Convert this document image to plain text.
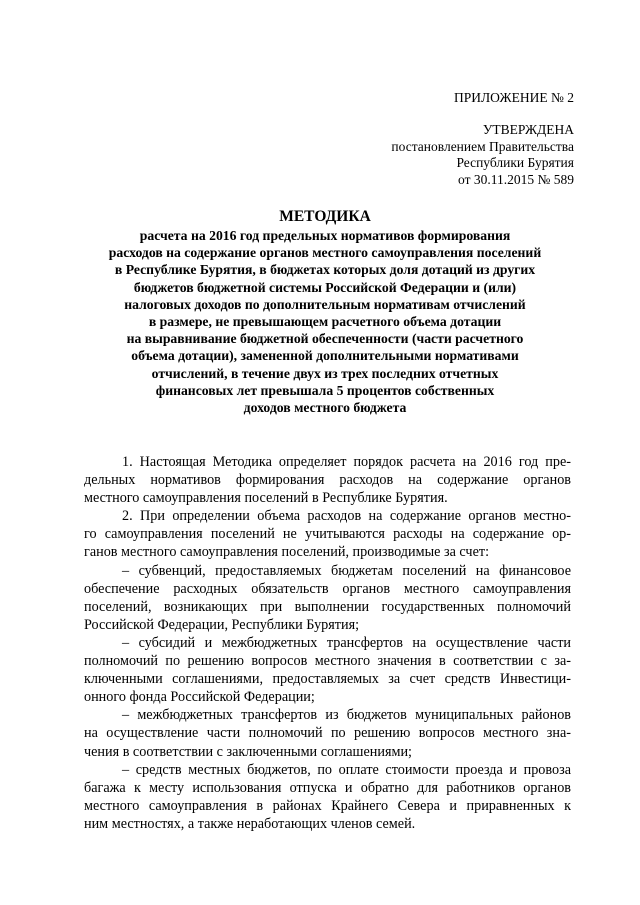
ПРИЛОЖЕНИЕ № 2
УТВЕРЖДЕНА
постановлением Правительства
Республики Бурятия
от 30.11.2015 № 589
МЕТОДИКА
расчета на 2016 год предельных нормативов формирования
расходов на содержание органов местного самоуправления поселений
в Республике Бурятия, в бюджетах которых доля дотаций из других
бюджетов бюджетной системы Российской Федерации и (или)
налоговых доходов по дополнительным нормативам отчислений
в размере, не превышающем расчетного объема дотации
на выравнивание бюджетной обеспеченности (части расчетного
объема дотации), замененной дополнительными нормативами
отчислений, в течение двух из трех последних отчетных
финансовых лет превышала 5 процентов собственных
доходов местного бюджета
1. Настоящая Методика определяет порядок расчета на 2016 год пре-
дельных нормативов формирования расходов на содержание органов
местного самоуправления поселений в Республике Бурятия.
2. При определении объема расходов на содержание органов местно-
го самоуправления поселений не учитываются расходы на содержание ор-
ганов местного самоуправления поселений, производимые за счет:
– субвенций, предоставляемых бюджетам поселений на финансовое
обеспечение расходных обязательств органов местного самоуправления
поселений, возникающих при выполнении государственных полномочий
Российской Федерации, Республики Бурятия;
– субсидий и межбюджетных трансфертов на осуществление части
полномочий по решению вопросов местного значения в соответствии с за-
ключенными соглашениями, предоставляемых за счет средств Инвестици-
онного фонда Российской Федерации;
– межбюджетных трансфертов из бюджетов муниципальных районов
на осуществление части полномочий по решению вопросов местного зна-
чения в соответствии с заключенными соглашениями;
– средств местных бюджетов, по оплате стоимости проезда и провоза
багажа к месту использования отпуска и обратно для работников органов
местного самоуправления в районах Крайнего Севера и приравненных к
ним местностях, а также неработающих членов семей.
